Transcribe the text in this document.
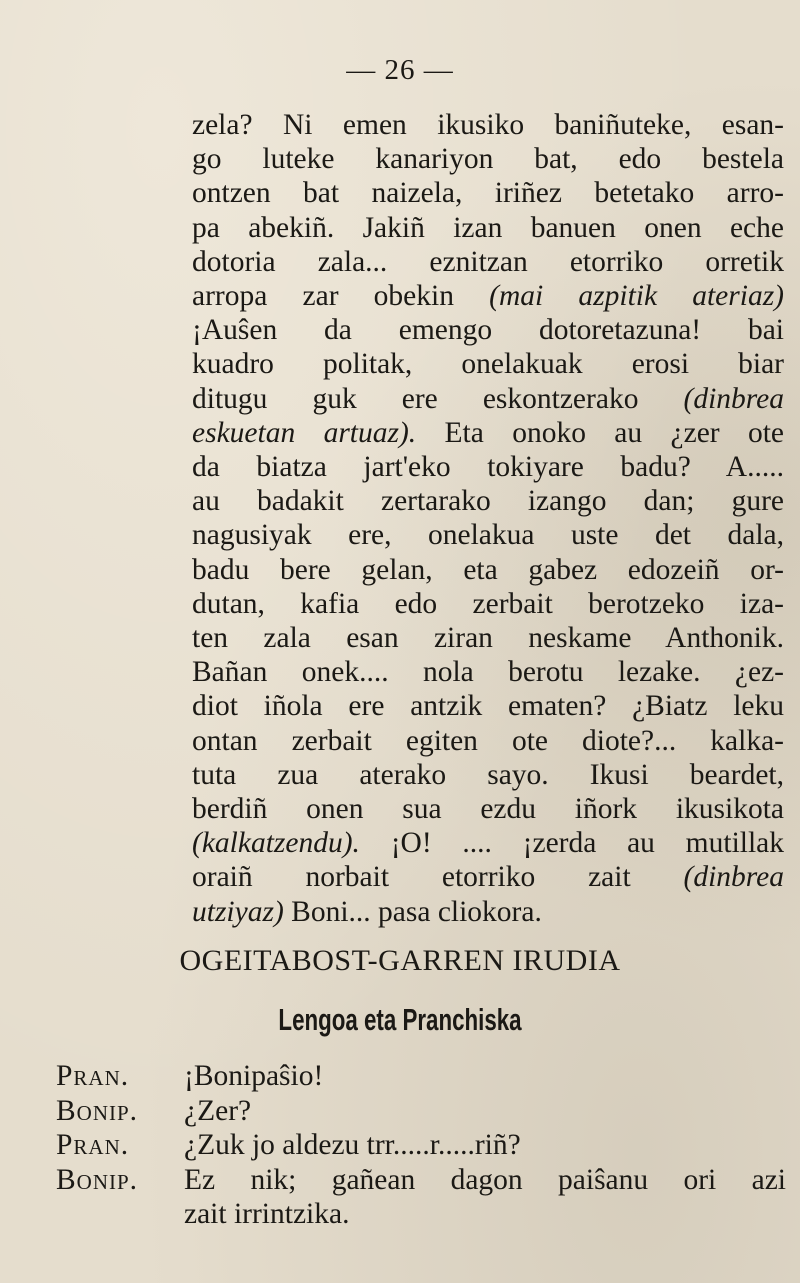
— 26 —
zela? Ni emen ikusiko baniñuteke, esan-
go luteke kanariyon bat, edo bestela
ontzen bat naizela, iriñez betetako arro-
pa abekiñ. Jakiñ izan banuen onen eche
dotoria zala... eznitzan etorriko orretik
arropa zar obekin (mai azpitik ateriaz)
¡Auŝen da emengo dotoretazuna! bai
kuadro politak, onelakuak erosi biar
ditugu guk ere eskontzerako (dinbrea
eskuetan artuaz). Eta onoko au ¿zer ote
da biatza jart'eko tokiyare badu? A.....
au badakit zertarako izango dan; gure
nagusiyak ere, onelakua uste det dala,
badu bere gelan, eta gabez edozeiñ or-
dutan, kafia edo zerbait berotzeko iza-
ten zala esan ziran neskame Anthonik.
Bañan onek.... nola berotu lezake. ¿ez-
diot iñola ere antzik ematen? ¿Biatz leku
ontan zerbait egiten ote diote?... kalka-
tuta zua aterako sayo. Ikusi beardet,
berdiñ onen sua ezdu iñork ikusikota
(kalkatzendu). ¡O! .... ¡zerda au mutillak
oraiñ norbait etorriko zait (dinbrea
utziyaz) Boni... pasa cliokora.
OGEITABOST-GARREN IRUDIA
Lengoa eta Pranchiska
Pran.	¡Bonipaŝio!
Bonip.	¿Zer?
Pran.	¿Zuk jo aldezu trr.....r.....riñ?
Bonip.	Ez nik; gañean dagon paiŝanu ori azi
zait irrintzika.
